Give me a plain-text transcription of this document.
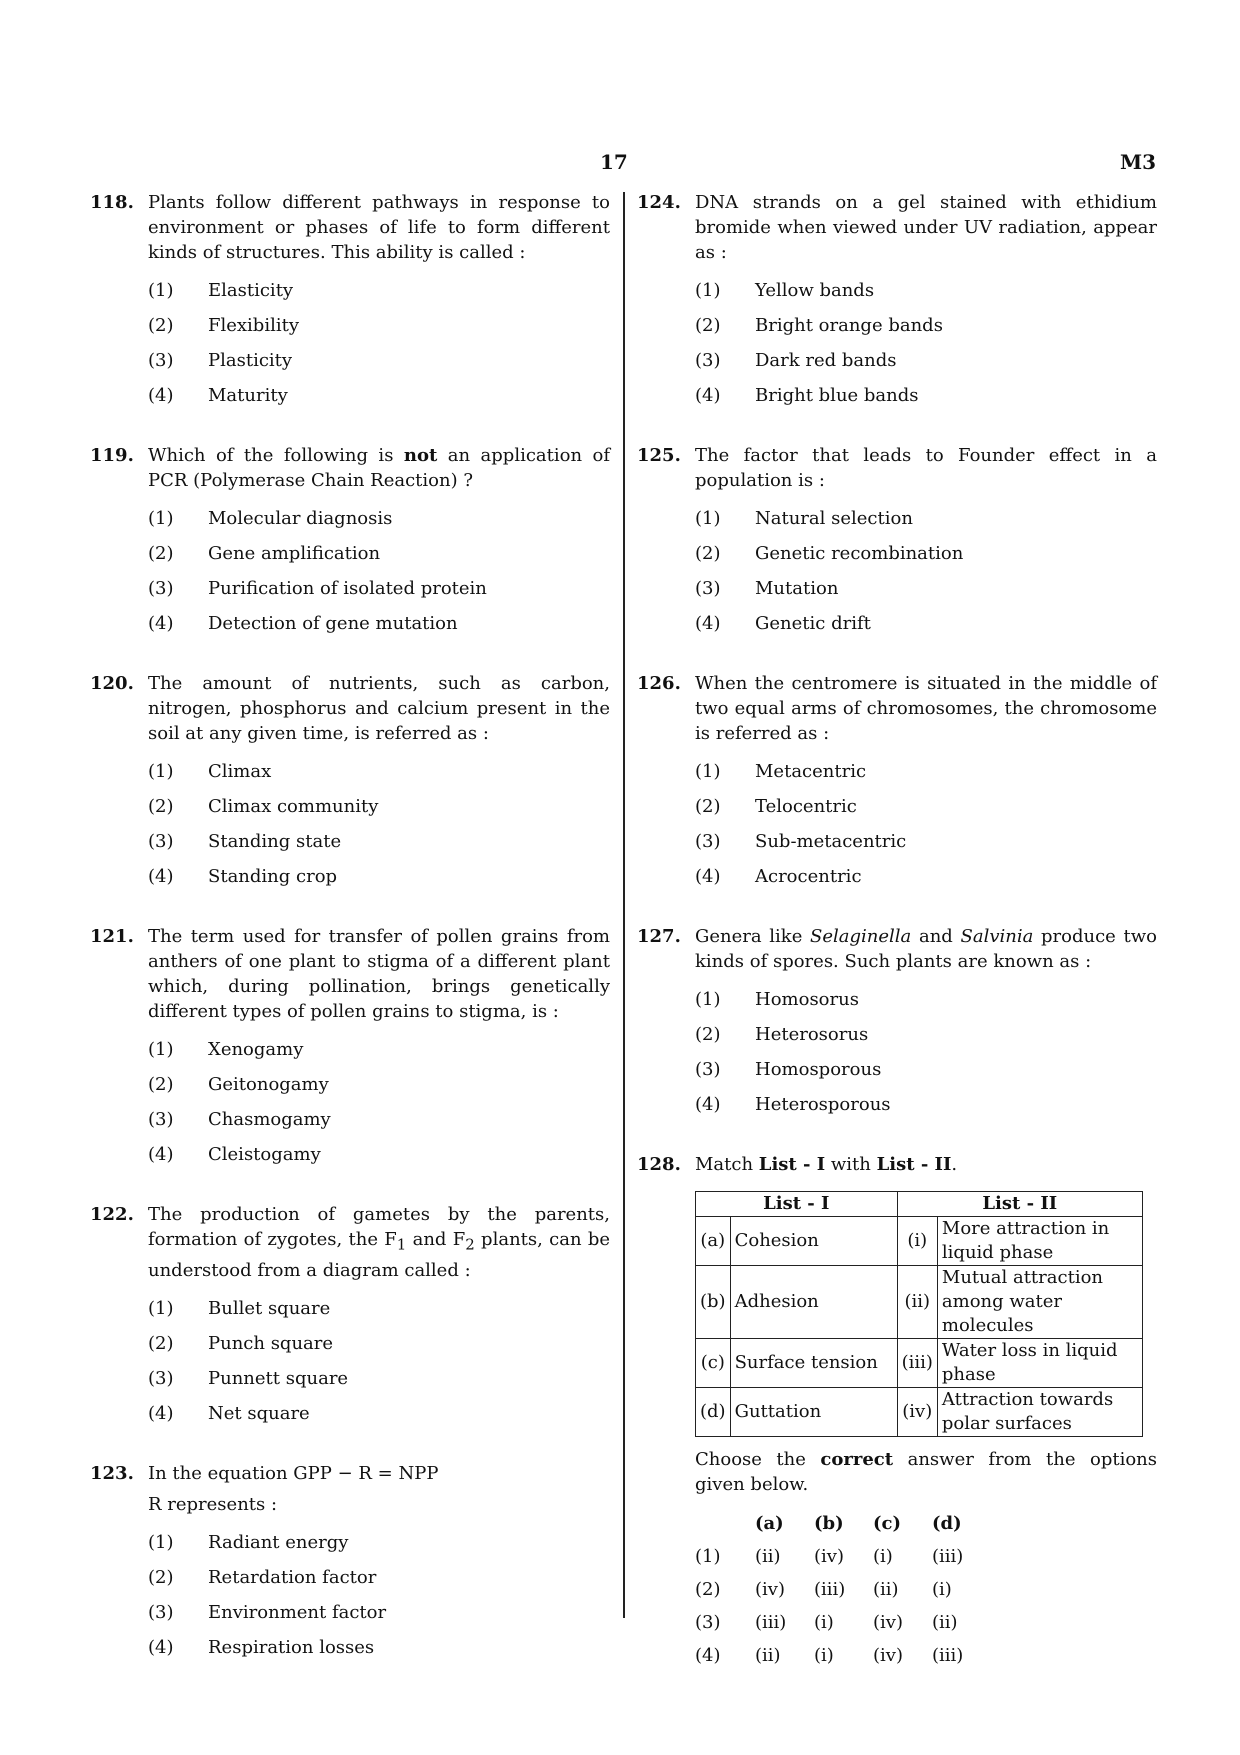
17	M3
118. Plants follow different pathways in response to environment or phases of life to form different kinds of structures. This ability is called :
(1)	Elasticity
(2)	Flexibility
(3)	Plasticity
(4)	Maturity
119. Which of the following is not an application of PCR (Polymerase Chain Reaction) ?
(1)	Molecular diagnosis
(2)	Gene amplification
(3)	Purification of isolated protein
(4)	Detection of gene mutation
120. The amount of nutrients, such as carbon, nitrogen, phosphorus and calcium present in the soil at any given time, is referred as :
(1)	Climax
(2)	Climax community
(3)	Standing state
(4)	Standing crop
121. The term used for transfer of pollen grains from anthers of one plant to stigma of a different plant which, during pollination, brings genetically different types of pollen grains to stigma, is :
(1)	Xenogamy
(2)	Geitonogamy
(3)	Chasmogamy
(4)	Cleistogamy
122. The production of gametes by the parents, formation of zygotes, the $F_1$ and $F_2$ plants, can be understood from a diagram called :
(1)	Bullet square
(2)	Punch square
(3)	Punnett square
(4)	Net square
123. In the equation GPP − R = NPP
R represents :
(1)	Radiant energy
(2)	Retardation factor
(3)	Environment factor
(4)	Respiration losses
124. DNA strands on a gel stained with ethidium bromide when viewed under UV radiation, appear as :
(1)	Yellow bands
(2)	Bright orange bands
(3)	Dark red bands
(4)	Bright blue bands
125. The factor that leads to Founder effect in a population is :
(1)	Natural selection
(2)	Genetic recombination
(3)	Mutation
(4)	Genetic drift
126. When the centromere is situated in the middle of two equal arms of chromosomes, the chromosome is referred as :
(1)	Metacentric
(2)	Telocentric
(3)	Sub-metacentric
(4)	Acrocentric
127. Genera like Selaginella and Salvinia produce two kinds of spores. Such plants are known as :
(1)	Homosorus
(2)	Heterosorus
(3)	Homosporous
(4)	Heterosporous
128. Match List - I with List - II.
List - I		List - II	
(a)	Cohesion	(i)	More attraction in liquid phase
(b)	Adhesion	(ii)	Mutual attraction among water molecules
(c)	Surface tension	(iii)	Water loss in liquid phase
(d)	Guttation	(iv)	Attraction towards polar surfaces
Choose the correct answer from the options given below.
(a)	(b)	(c)	(d)
(1)	(ii)	(iv)	(i)	(iii)
(2)	(iv)	(iii)	(ii)	(i)
(3)	(iii)	(i)	(iv)	(ii)
(4)	(ii)	(i)	(iv)	(iii)
